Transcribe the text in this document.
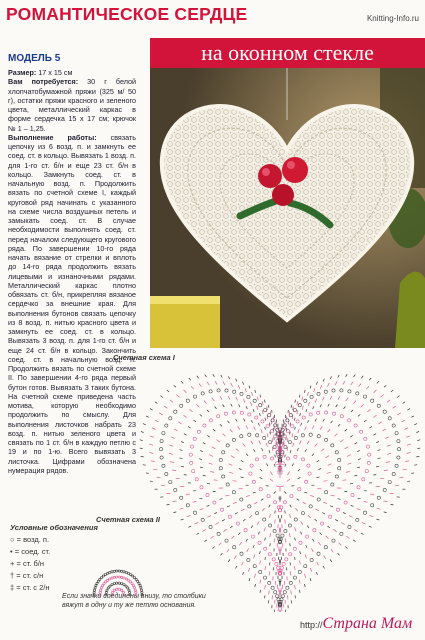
РОМАНТИЧЕСКОЕ СЕРДЦЕ	Knitting-Info.ru
на оконном стекле
МОДЕЛЬ 5

Размер: 17 х 15 см

Вам потребуется: 30 г белой хлопчатобумажной пряжи (325 м/ 50 г), остатки пряжи красного и зеленого цвета, металлический каркас в форме сердечка 15 х 17 см; крючок № 1 – 1,25.

Выполнение работы: связать цепочку из 6 возд. п. и замкнуть ее соед. ст. в кольцо. Вывязать 1 возд. п. для 1-го ст. б/н и еще 23 ст. б/н в кольцо. Замкнуть соед. ст. в начальную возд. п. Продолжить вязать по счетной схеме I, каждый круговой ряд начинать с указанного на схеме числа воздушных петель и замыкать соед. ст. В случае необходимости выполнять соед. ст. перед началом следующего кругового ряда. По завершении 10-го ряда начать вязание от стрелки и вплоть до 14-го ряда продолжить вязать лицевыми и изнаночными рядами. Металлический каркас плотно обвязать ст. б/н, прикрепляя вязаное сердечко за внешние края. Для выполнения бутонов связать цепочку из 8 возд. п. нитью красного цвета и замкнуть ее соед. ст. в кольцо. Вывязать 3 возд. п. для 1-го ст. б/н и еще 24 ст. б/н в кольцо. Закончить соед. ст. в начальную возд. п. Продолжить вязать по счетной схеме II. По завершении 4-го ряда первый бутон готов. Вывязать 3 таких бутона. На счетной схеме приведена часть мотива, которую необходимо продолжить по смыслу. Для выполнения листочков набрать 23 возд. п. нитью зеленого цвета и связать по 1 ст. б/н в каждую петлю с 19 и по 1-ю. Всего вывязать 3 листочка. Цифрами обозначена нумерация рядов.

Счетная схема I
Счетная схема II
Условные обозначения
○ = возд. п.
• = соед. ст.
+ = ст. б/н
† = ст. с/н
‡ = ст. с 2/н
Если значки соединены внизу, то столбики вяжут в одну и ту же петлю основания.
http://Страна Мам
